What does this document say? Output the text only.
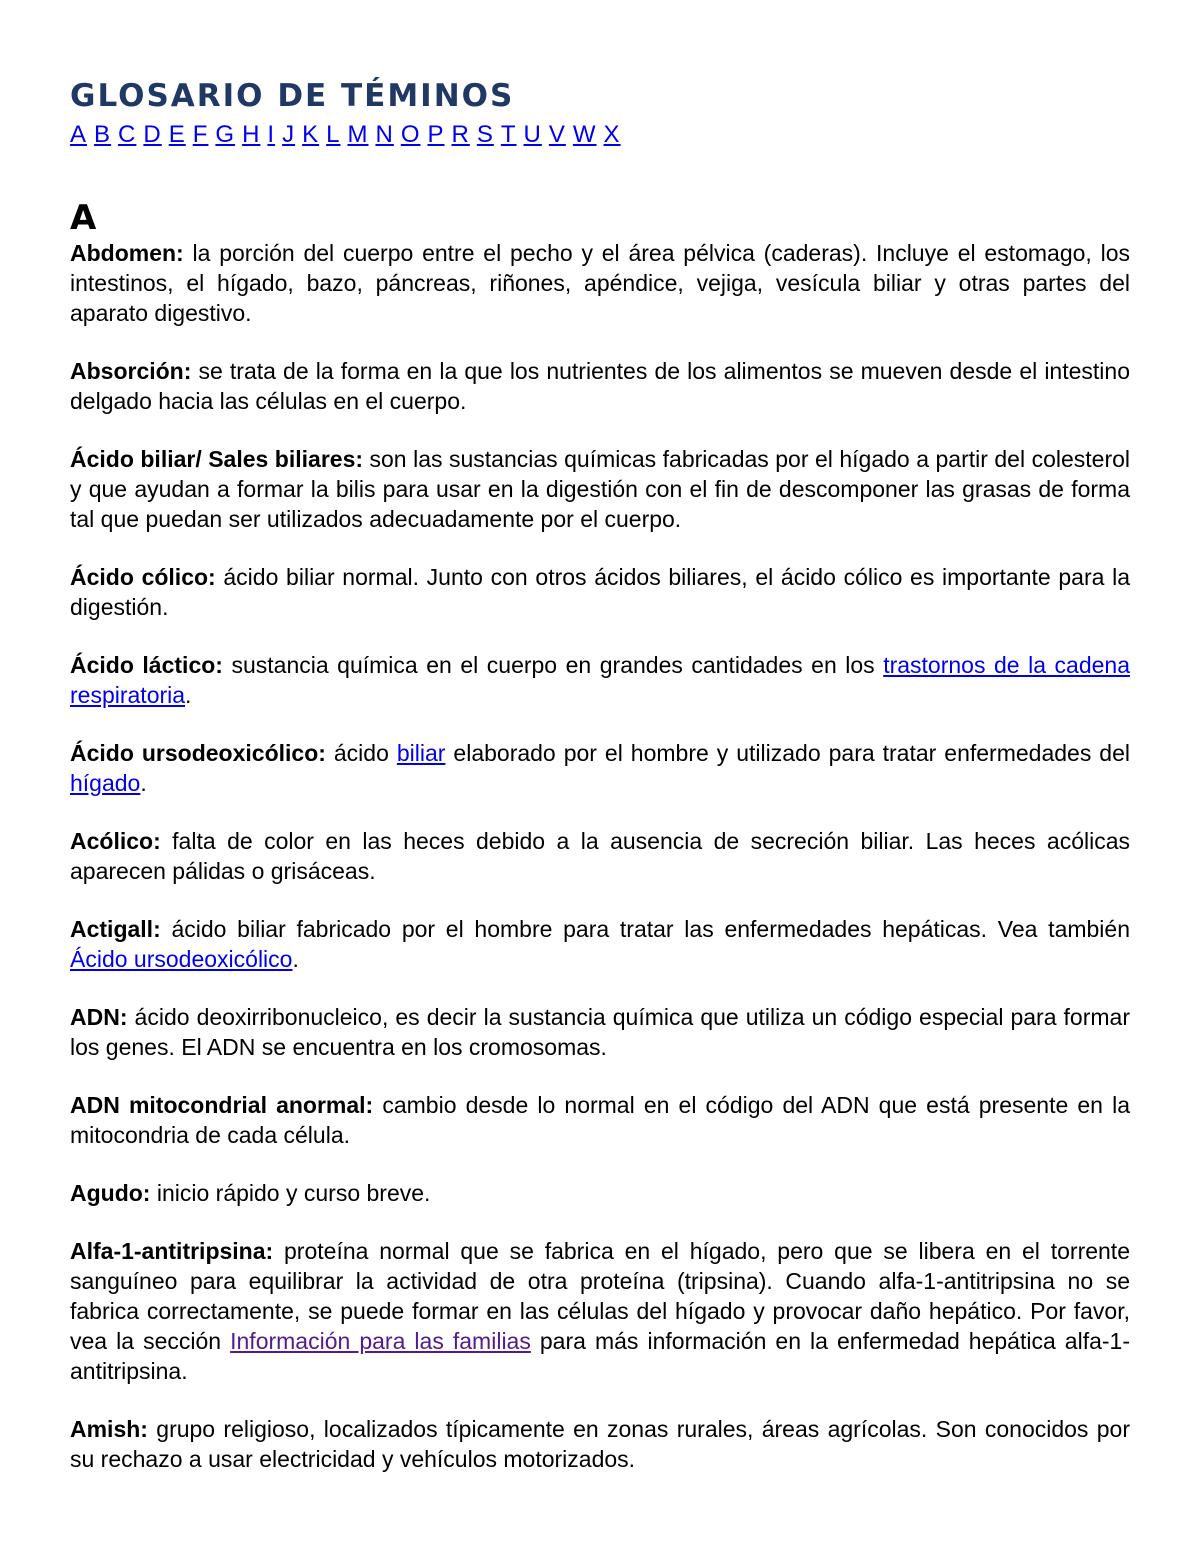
GLOSARIO DE TÉMINOS
A B C D E F G H I J K L M N O P R S T U V W X
A

Abdomen: la porción del cuerpo entre el pecho y el área pélvica (caderas). Incluye el estomago, los intestinos, el hígado, bazo, páncreas, riñones, apéndice, vejiga, vesícula biliar y otras partes del aparato digestivo.

Absorción: se trata de la forma en la que los nutrientes de los alimentos se mueven desde el intestino delgado hacia las células en el cuerpo.

Ácido biliar/ Sales biliares: son las sustancias químicas fabricadas por el hígado a partir del colesterol y que ayudan a formar la bilis para usar en la digestión con el fin de descomponer las grasas de forma tal que puedan ser utilizados adecuadamente por el cuerpo.

Ácido cólico: ácido biliar normal. Junto con otros ácidos biliares, el ácido cólico es importante para la digestión.

Ácido láctico: sustancia química en el cuerpo en grandes cantidades en los trastornos de la cadena respiratoria.

Ácido ursodeoxicólico: ácido biliar elaborado por el hombre y utilizado para tratar enfermedades del hígado.

Acólico: falta de color en las heces debido a la ausencia de secreción biliar. Las heces acólicas aparecen pálidas o grisáceas.

Actigall: ácido biliar fabricado por el hombre para tratar las enfermedades hepáticas. Vea también Ácido ursodeoxicólico.

ADN: ácido deoxirribonucleico, es decir la sustancia química que utiliza un código especial para formar los genes. El ADN se encuentra en los cromosomas.

ADN mitocondrial anormal: cambio desde lo normal en el código del ADN que está presente en la mitocondria de cada célula.

Agudo: inicio rápido y curso breve.

Alfa-1-antitripsina: proteína normal que se fabrica en el hígado, pero que se libera en el torrente sanguíneo para equilibrar la actividad de otra proteína (tripsina). Cuando alfa-1-antitripsina no se fabrica correctamente, se puede formar en las células del hígado y provocar daño hepático. Por favor, vea la sección Información para las familias para más información en la enfermedad hepática alfa-1-antitripsina.

Amish: grupo religioso, localizados típicamente en zonas rurales, áreas agrícolas. Son conocidos por su rechazo a usar electricidad y vehículos motorizados.
